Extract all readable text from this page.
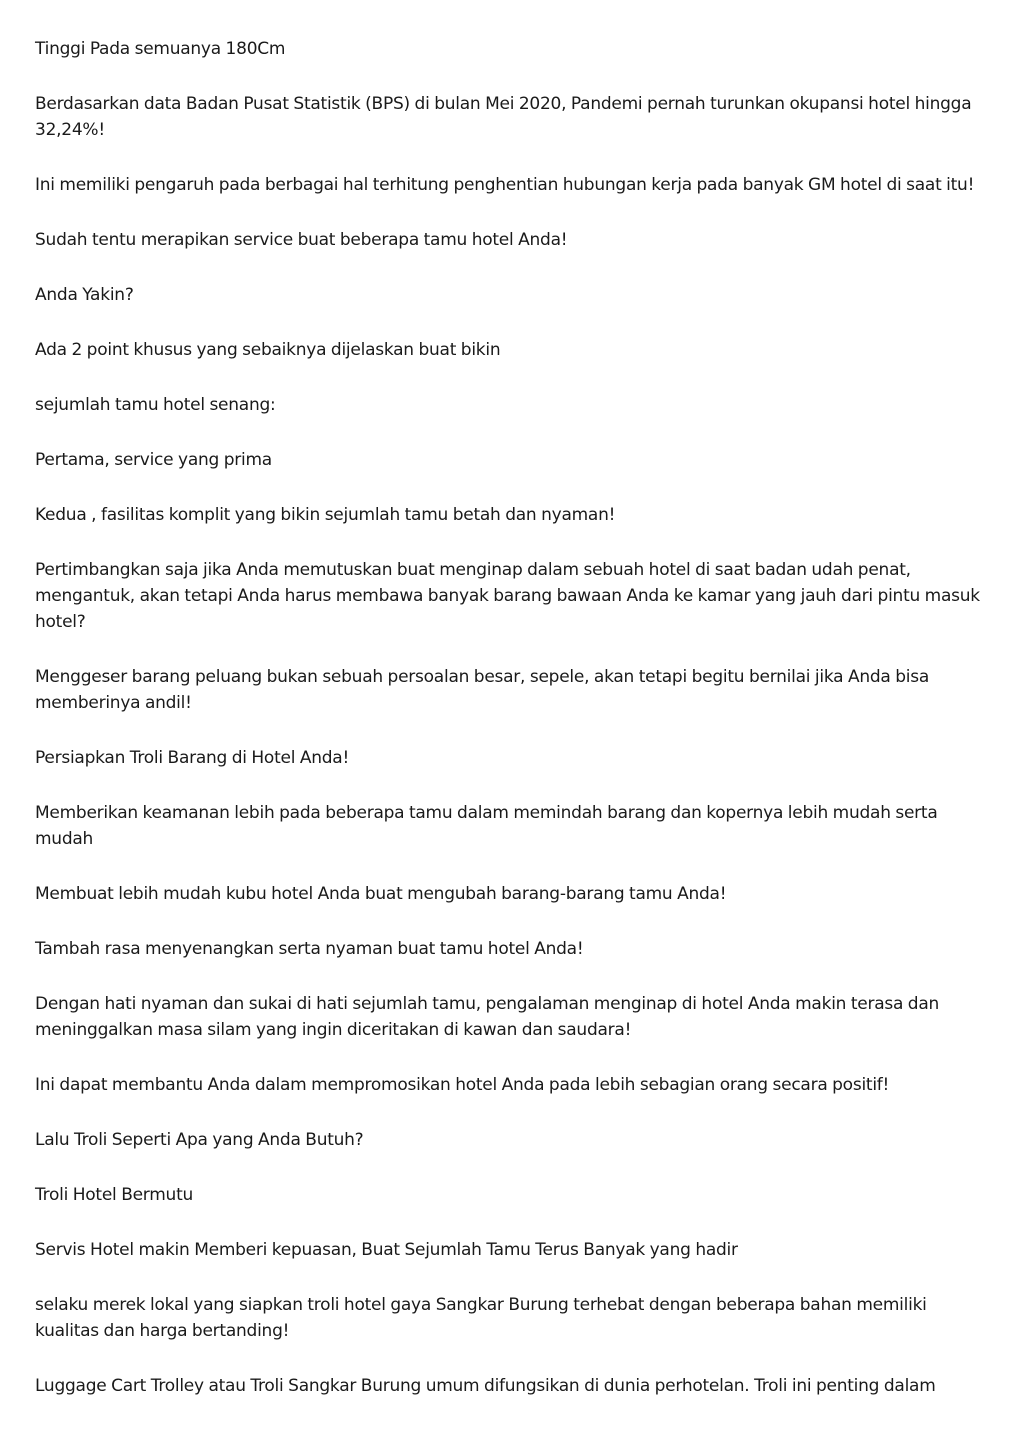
Tinggi Pada semuanya 180Cm

Berdasarkan data Badan Pusat Statistik (BPS) di bulan Mei 2020, Pandemi pernah turunkan okupansi hotel hingga 32,24%!

Ini memiliki pengaruh pada berbagai hal terhitung penghentian hubungan kerja pada banyak GM hotel di saat itu!

Sudah tentu merapikan service buat beberapa tamu hotel Anda!

Anda Yakin?

Ada 2 point khusus yang sebaiknya dijelaskan buat bikin

sejumlah tamu hotel senang:

Pertama, service yang prima

Kedua , fasilitas komplit yang bikin sejumlah tamu betah dan nyaman!

Pertimbangkan saja jika Anda memutuskan buat menginap dalam sebuah hotel di saat badan udah penat, mengantuk, akan tetapi Anda harus membawa banyak barang bawaan Anda ke kamar yang jauh dari pintu masuk hotel?

Menggeser barang peluang bukan sebuah persoalan besar, sepele, akan tetapi begitu bernilai jika Anda bisa memberinya andil!

Persiapkan Troli Barang di Hotel Anda!

Memberikan keamanan lebih pada beberapa tamu dalam memindah barang dan kopernya lebih mudah serta mudah

Membuat lebih mudah kubu hotel Anda buat mengubah barang-barang tamu Anda!

Tambah rasa menyenangkan serta nyaman buat tamu hotel Anda!

Dengan hati nyaman dan sukai di hati sejumlah tamu, pengalaman menginap di hotel Anda makin terasa dan meninggalkan masa silam yang ingin diceritakan di kawan dan saudara!

Ini dapat membantu Anda dalam mempromosikan hotel Anda pada lebih sebagian orang secara positif!

Lalu Troli Seperti Apa yang Anda Butuh?

Troli Hotel Bermutu

Servis Hotel makin Memberi kepuasan, Buat Sejumlah Tamu Terus Banyak yang hadir

selaku merek lokal yang siapkan troli hotel gaya Sangkar Burung terhebat dengan beberapa bahan memiliki kualitas dan harga bertanding!

Luggage Cart Trolley atau Troli Sangkar Burung umum difungsikan di dunia perhotelan. Troli ini penting dalam
